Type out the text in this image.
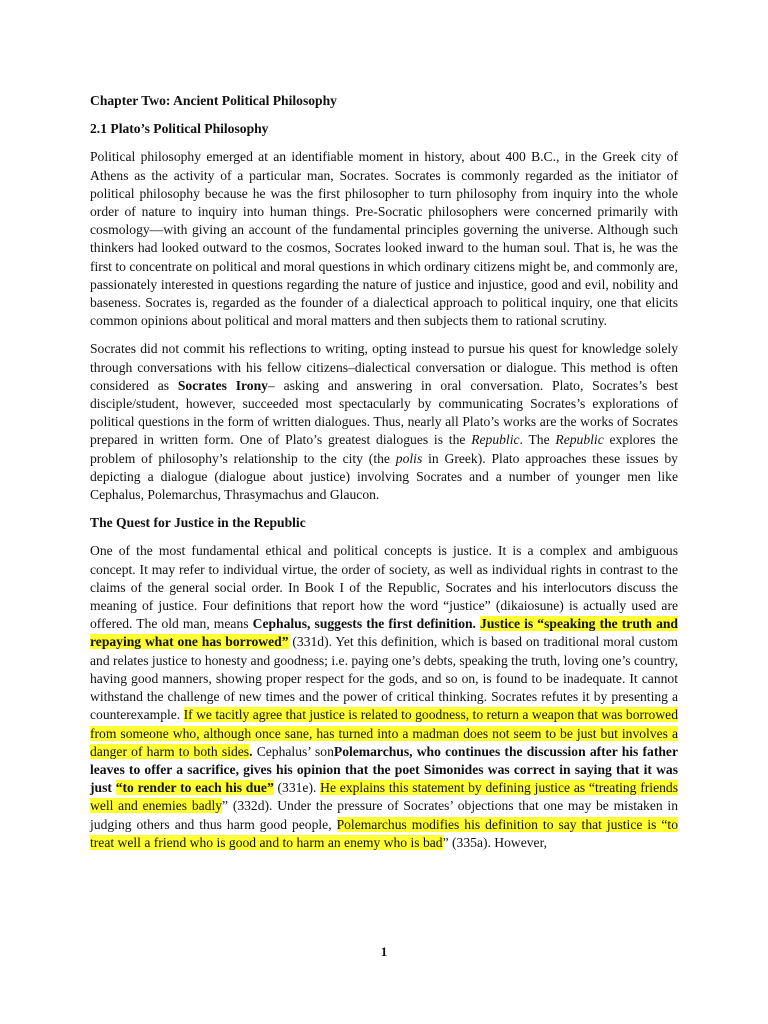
Chapter Two: Ancient Political Philosophy
2.1 Plato’s Political Philosophy
Political philosophy emerged at an identifiable moment in history, about 400 B.C., in the Greek city of Athens as the activity of a particular man, Socrates. Socrates is commonly regarded as the initiator of political philosophy because he was the first philosopher to turn philosophy from inquiry into the whole order of nature to inquiry into human things. Pre-Socratic philosophers were concerned primarily with cosmology—with giving an account of the fundamental principles governing the universe. Although such thinkers had looked outward to the cosmos, Socrates looked inward to the human soul. That is, he was the first to concentrate on political and moral questions in which ordinary citizens might be, and commonly are, passionately interested in questions regarding the nature of justice and injustice, good and evil, nobility and baseness. Socrates is, regarded as the founder of a dialectical approach to political inquiry, one that elicits common opinions about political and moral matters and then subjects them to rational scrutiny.
Socrates did not commit his reflections to writing, opting instead to pursue his quest for knowledge solely through conversations with his fellow citizens–dialectical conversation or dialogue. This method is often considered as Socrates Irony– asking and answering in oral conversation. Plato, Socrates’s best disciple/student, however, succeeded most spectacularly by communicating Socrates’s explorations of political questions in the form of written dialogues. Thus, nearly all Plato’s works are the works of Socrates prepared in written form. One of Plato’s greatest dialogues is the Republic. The Republic explores the problem of philosophy’s relationship to the city (the polis in Greek). Plato approaches these issues by depicting a dialogue (dialogue about justice) involving Socrates and a number of younger men like Cephalus, Polemarchus, Thrasymachus and Glaucon.
The Quest for Justice in the Republic
One of the most fundamental ethical and political concepts is justice. It is a complex and ambiguous concept. It may refer to individual virtue, the order of society, as well as individual rights in contrast to the claims of the general social order. In Book I of the Republic, Socrates and his interlocutors discuss the meaning of justice. Four definitions that report how the word “justice” (dikaiosune) is actually used are offered. The old man, means Cephalus, suggests the first definition. Justice is “speaking the truth and repaying what one has borrowed” (331d). Yet this definition, which is based on traditional moral custom and relates justice to honesty and goodness; i.e. paying one’s debts, speaking the truth, loving one’s country, having good manners, showing proper respect for the gods, and so on, is found to be inadequate. It cannot withstand the challenge of new times and the power of critical thinking. Socrates refutes it by presenting a counterexample. If we tacitly agree that justice is related to goodness, to return a weapon that was borrowed from someone who, although once sane, has turned into a madman does not seem to be just but involves a danger of harm to both sides. Cephalus’ sonPolemarchus, who continues the discussion after his father leaves to offer a sacrifice, gives his opinion that the poet Simonides was correct in saying that it was just “to render to each his due” (331e). He explains this statement by defining justice as “treating friends well and enemies badly” (332d). Under the pressure of Socrates’ objections that one may be mistaken in judging others and thus harm good people, Polemarchus modifies his definition to say that justice is “to treat well a friend who is good and to harm an enemy who is bad” (335a). However,
1
